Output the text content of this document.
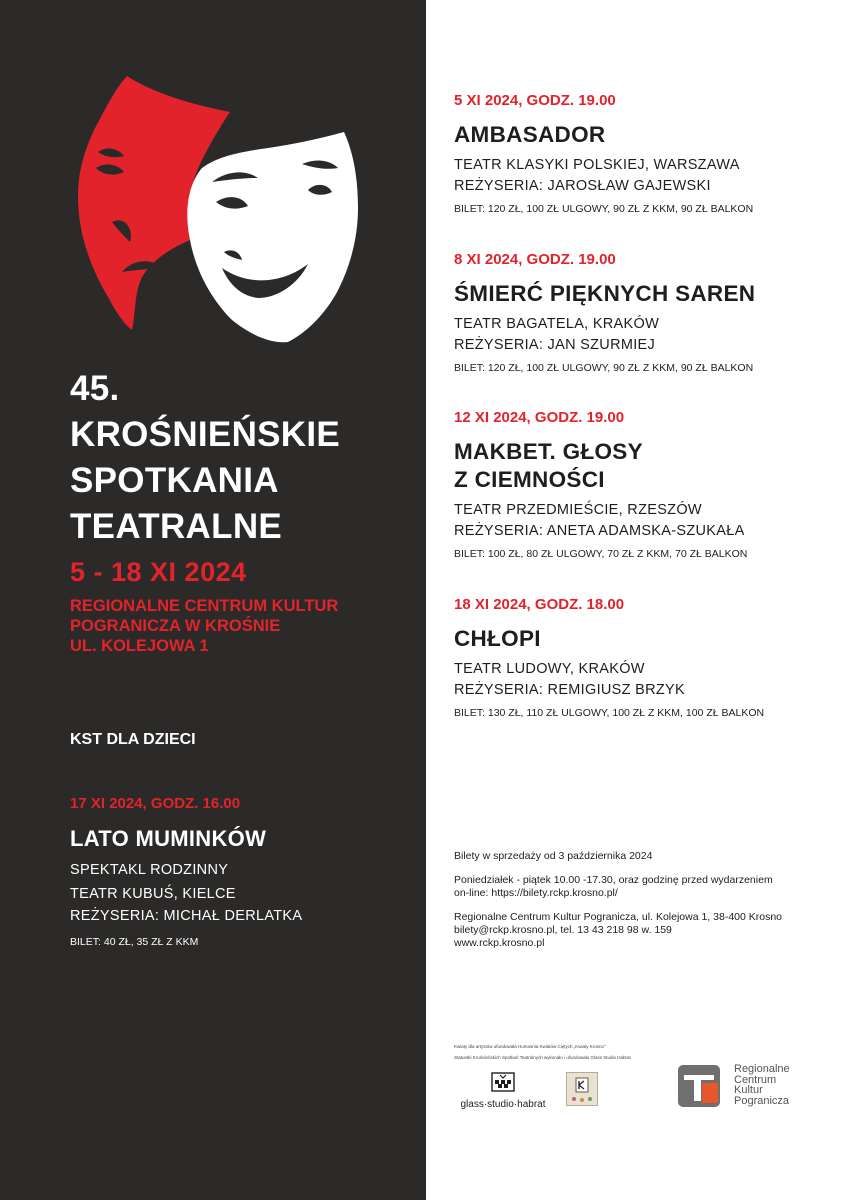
45.
KROŚNIEŃSKIE
SPOTKANIA
TEATRALNE
5 - 18 XI 2024
REGIONALNE CENTRUM KULTUR
POGRANICZA W KROŚNIE
UL. KOLEJOWA 1
KST DLA DZIECI
17 XI 2024, GODZ. 16.00
LATO MUMINKÓW
SPEKTAKL RODZINNY
TEATR KUBUŚ, KIELCE
REŻYSERIA: MICHAŁ DERLATKA
BILET: 40 ZŁ, 35 ZŁ Z KKM
5 XI 2024, GODZ. 19.00
AMBASADOR
TEATR KLASYKI POLSKIEJ, WARSZAWA
REŻYSERIA: JAROSŁAW GAJEWSKI
BILET: 120 ZŁ, 100 ZŁ ULGOWY, 90 ZŁ Z KKM, 90 ZŁ BALKON
8 XI 2024, GODZ. 19.00
ŚMIERĆ PIĘKNYCH SAREN
TEATR BAGATELA, KRAKÓW
REŻYSERIA: JAN SZURMIEJ
BILET: 120 ZŁ, 100 ZŁ ULGOWY, 90 ZŁ Z KKM, 90 ZŁ BALKON
12 XI 2024, GODZ. 19.00
MAKBET. GŁOSY
Z CIEMNOŚCI
TEATR PRZEDMIEŚCIE, RZESZÓW
REŻYSERIA: ANETA ADAMSKA-SZUKAŁA
BILET: 100 ZŁ, 80 ZŁ ULGOWY, 70 ZŁ Z KKM, 70 ZŁ BALKON
18 XI 2024, GODZ. 18.00
CHŁOPI
TEATR LUDOWY, KRAKÓW
REŻYSERIA: REMIGIUSZ BRZYK
BILET: 130 ZŁ, 110 ZŁ ULGOWY, 100 ZŁ Z KKM, 100 ZŁ BALKON
Bilety w sprzedaży od 3 października 2024
Poniedziałek - piątek 10.00 -17.30, oraz godzinę przed wydarzeniem
on-line: https://bilety.rckp.krosno.pl/
Regionalne Centrum Kultur Pogranicza, ul. Kolejowa 1, 38-400 Krosno
bilety@rckp.krosno.pl, tel. 13 43 218 98 w. 159
www.rckp.krosno.pl
Kwiaty dla artystów ufundowała Hurtownia Kwiatów Ciętych „Kwiaty Krosno”
Statuetki Krośnieńskich Spotkań Teatralnych wykonało i ufundowało Glass Studio Habrat
glass·studio·habrat
Regionalne
Centrum
Kultur
Pogranicza
